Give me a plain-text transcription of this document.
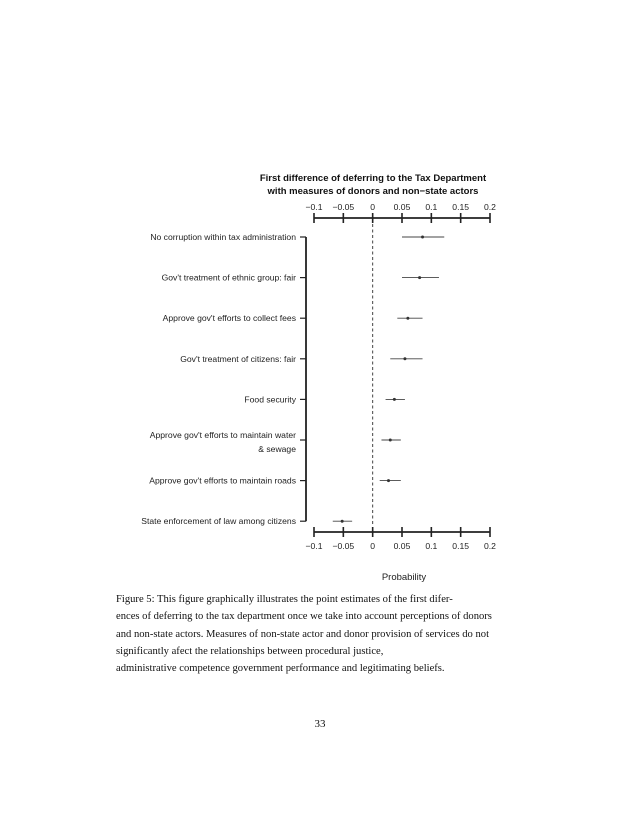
First difference of deferring to the Tax Department
with measures of donors and non−state actors
−0.1 −0.05 0 0.05 0.1 0.15 0.2
−0.1 −0.05 0 0.05 0.1 0.15 0.2
No corruption within tax administration
Gov't treatment of ethnic group: fair
Approve gov't efforts to collect fees
Gov't treatment of citizens: fair
Food security
Approve gov't efforts to maintain water
& sewage
Approve gov't efforts to maintain roads
State enforcement of law among citizens
Probability

Figure 5: This figure graphically illustrates the point estimates of the first difer-
ences of deferring to the tax department once we take into account perceptions of donors
and non-state actors. Measures of non-state actor and donor provision of services do not
significantly afect the relationships between procedural justice,
administrative competence government performance and legitimating beliefs.

33
